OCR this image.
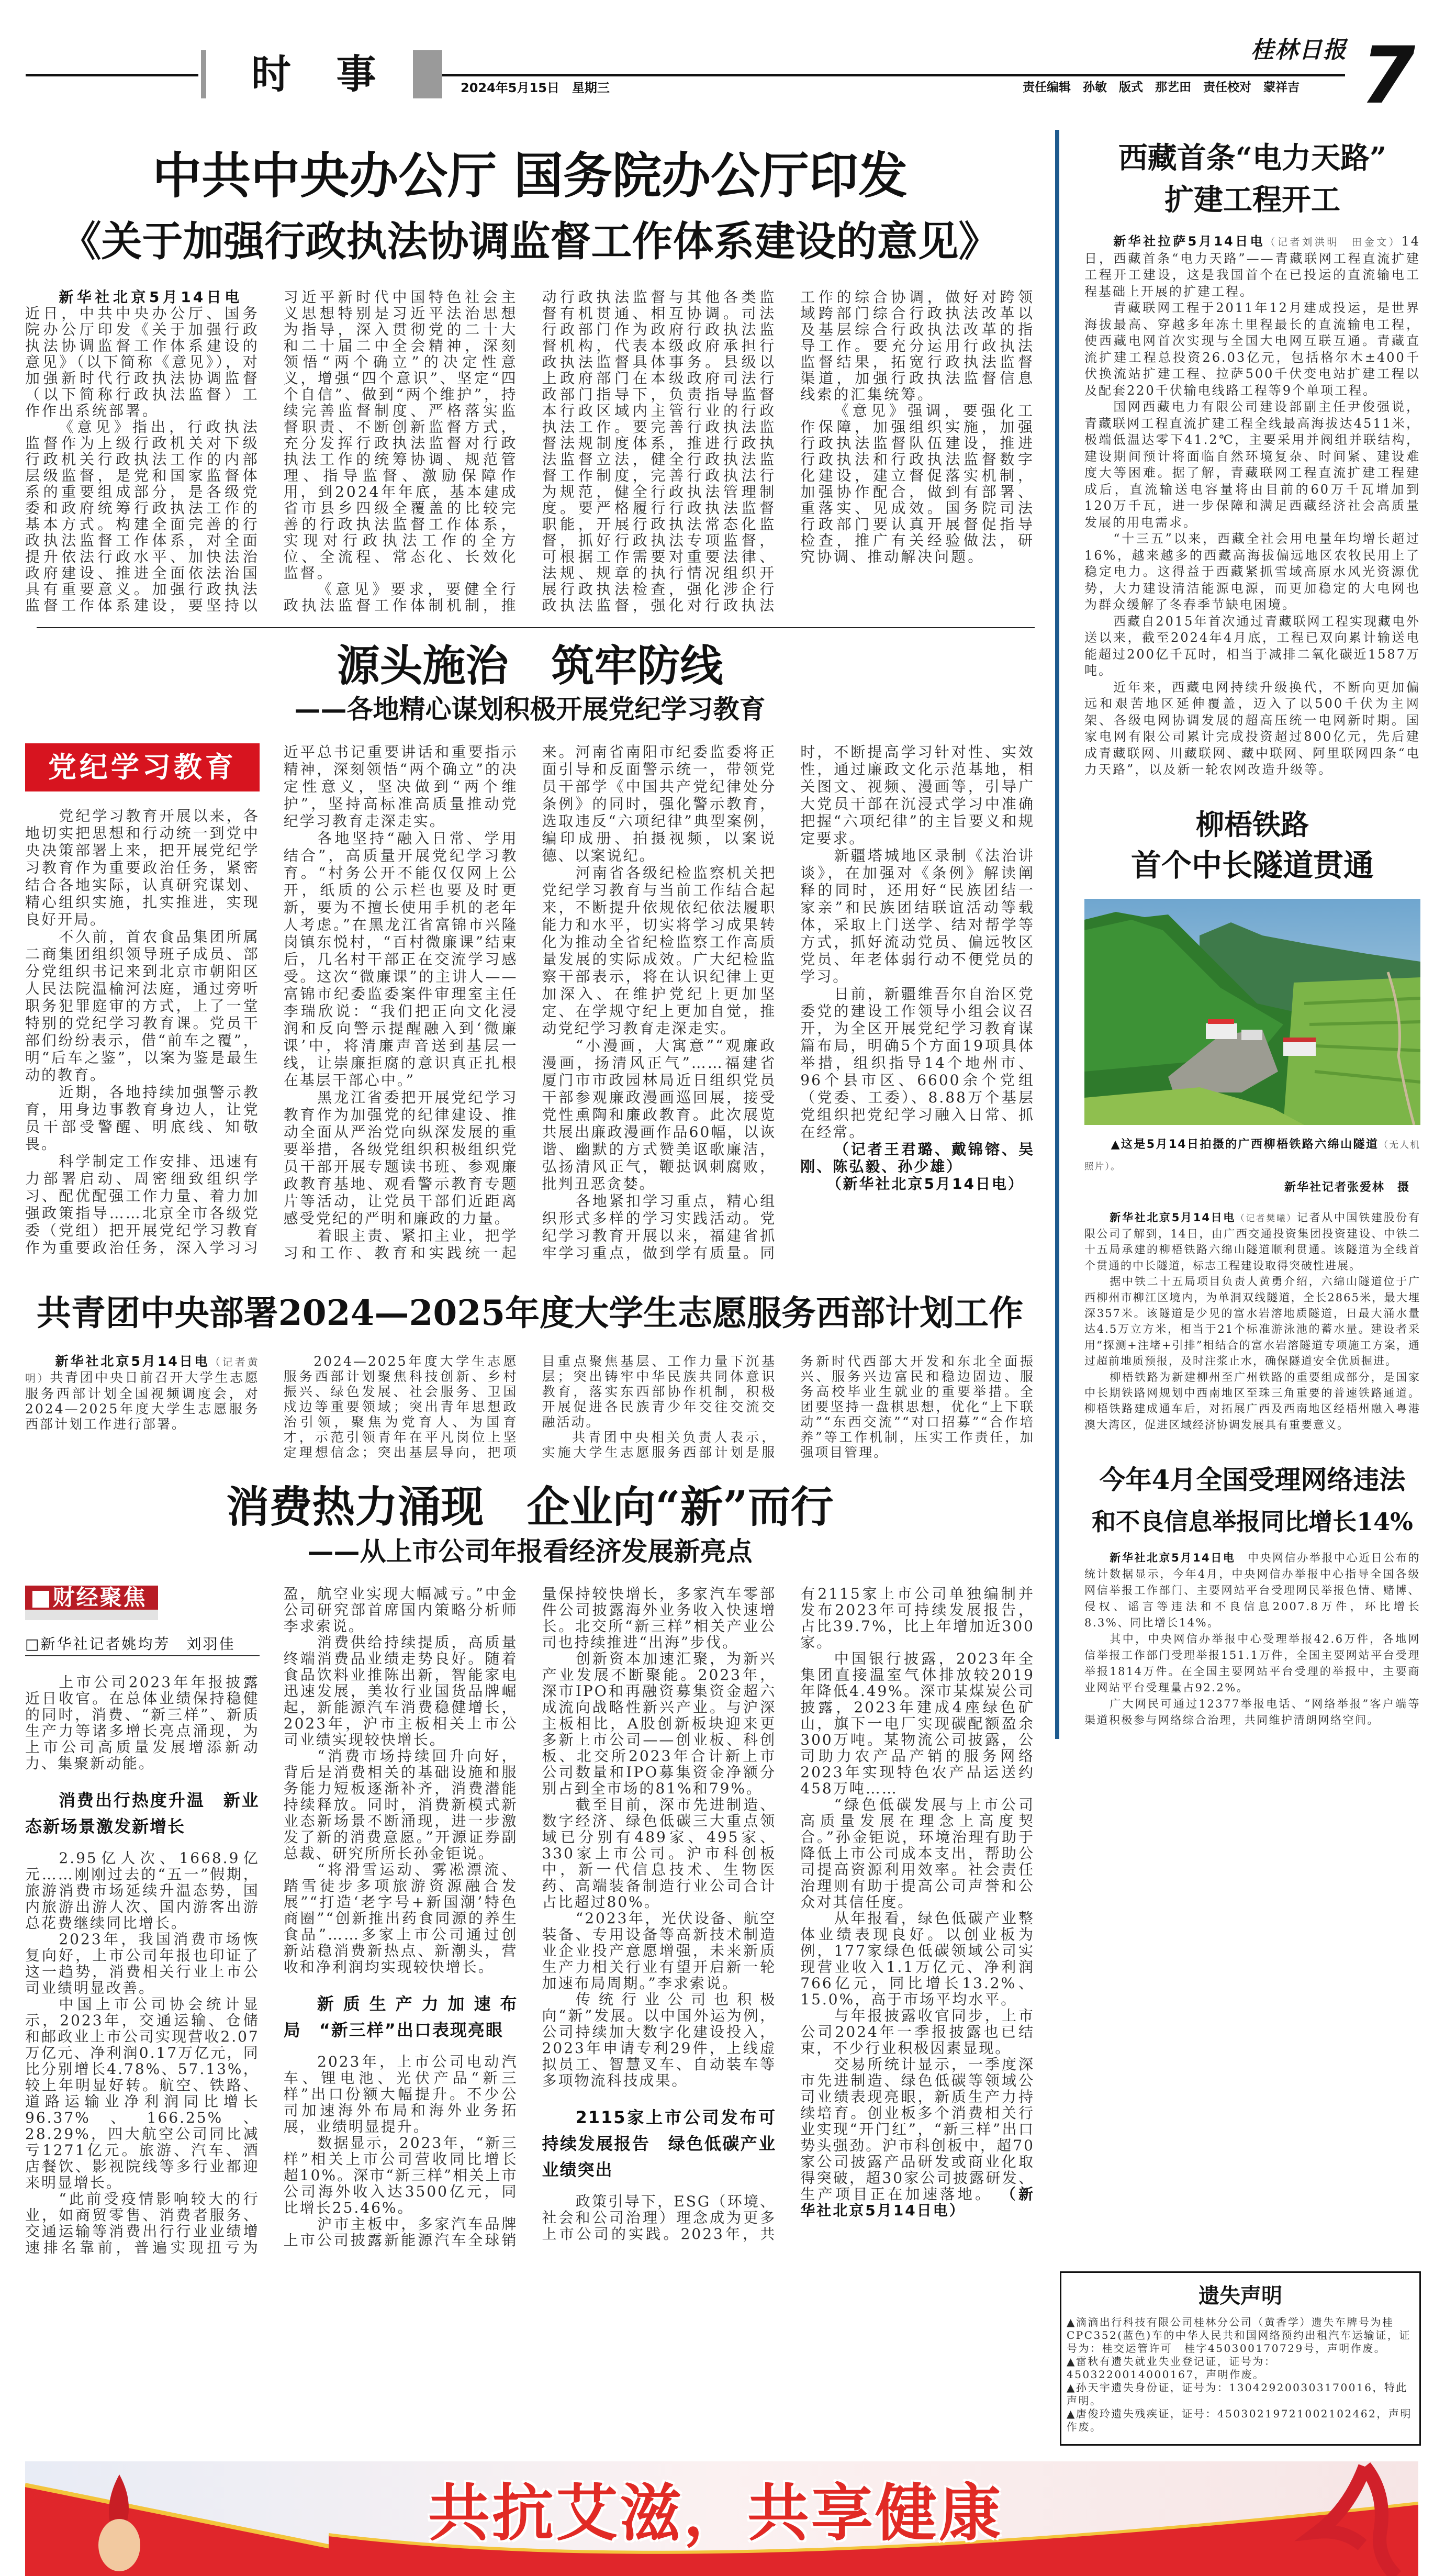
时 事	2024年5月15日　星期三
桂林日报
责任编辑　孙敏　版式　那艺田　责任校对　蒙祥吉 7
中共中央办公厅 国务院办公厅印发
《关于加强行政执法协调监督工作体系建设的意见》

新华社北京5月14日电　近日，中共中央办公厅、国务院办公厅印发《关于加强行政执法协调监督工作体系建设的意见》（以下简称《意见》），对加强新时代行政执法协调监督（以下简称行政执法监督）工作作出系统部署。

《意见》指出，行政执法监督作为上级行政机关对下级行政机关行政执法工作的内部层级监督，是党和国家监督体系的重要组成部分，是各级党委和政府统筹行政执法工作的基本方式。构建全面完善的行政执法监督工作体系，对全面提升依法行政水平、加快法治政府建设、推进全面依法治国具有重要意义。加强行政执法监督工作体系建设，要坚持以习近平新时代中国特色社会主义思想特别是习近平法治思想为指导，深入贯彻党的二十大和二十届二中全会精神，深刻领悟“两个确立”的决定性意义，增强“四个意识”、坚定“四个自信”、做到“两个维护”，持续完善监督制度、严格落实监督职责、不断创新监督方式，充分发挥行政执法监督对行政执法工作的统筹协调、规范管理、指导监督、激励保障作用，到2024年年底，基本建成省市县乡四级全覆盖的比较完善的行政执法监督工作体系，实现对行政执法工作的全方位、全流程、常态化、长效化监督。

《意见》要求，要健全行政执法监督工作体制机制，推动行政执法监督与其他各类监督有机贯通、相互协调。司法行政部门作为政府行政执法监督机构，代表本级政府承担行政执法监督具体事务。县级以上政府部门在本级政府司法行政部门指导下，负责指导监督本行政区域内主管行业的行政执法工作。要完善行政执法监督法规制度体系，推进行政执法监督立法，健全行政执法监督工作制度，完善行政执法行为规范，健全行政执法管理制度。要严格履行行政执法监督职能，开展行政执法常态化监督，抓好行政执法专项监督，可根据工作需要对重要法律、法规、规章的执行情况组织开展行政执法检查，强化涉企行政执法监督，强化对行政执法工作的综合协调，做好对跨领域跨部门综合行政执法改革以及基层综合行政执法改革的指导工作。要充分运用行政执法监督结果，拓宽行政执法监督渠道，加强行政执法监督信息线索的汇集统筹。

《意见》强调，要强化工作保障，加强组织实施，加强行政执法监督队伍建设，推进行政执法和行政执法监督数字化建设，建立督促落实机制，加强协作配合，做到有部署、重落实、见成效。国务院司法行政部门要认真开展督促指导检查，推广有关经验做法，研究协调、推动解决问题。

源头施治　筑牢防线
——各地精心谋划积极开展党纪学习教育

党纪学习教育

党纪学习教育开展以来，各地切实把思想和行动统一到党中央决策部署上来，把开展党纪学习教育作为重要政治任务，紧密结合各地实际，认真研究谋划、精心组织实施，扎实推进，实现良好开局。

不久前，首农食品集团所属二商集团组织领导班子成员、部分党组织书记来到北京市朝阳区人民法院温榆河法庭，通过旁听职务犯罪庭审的方式，上了一堂特别的党纪学习教育课。党员干部们纷纷表示，借“前车之覆”，明“后车之鉴”，以案为鉴是最生动的教育。

近期，各地持续加强警示教育，用身边事教育身边人，让党员干部受警醒、明底线、知敬畏。

科学制定工作安排、迅速有力部署启动、周密细致组织学习、配优配强工作力量、着力加强政策指导……北京全市各级党委（党组）把开展党纪学习教育作为重要政治任务，深入学习习近平总书记重要讲话和重要指示精神，深刻领悟“两个确立”的决定性意义，坚决做到“两个维护”，坚持高标准高质量推动党纪学习教育走深走实。

各地坚持“融入日常、学用结合”，高质量开展党纪学习教育。“村务公开不能仅仅网上公开，纸质的公示栏也要及时更新，要为不擅长使用手机的老年人考虑。”在黑龙江省富锦市兴隆岗镇东悦村，“百村微廉课”结束后，几名村干部正在交流学习感受。这次“微廉课”的主讲人——富锦市纪委监委案件审理室主任李瑞欣说：“我们把正向文化浸润和反向警示提醒融入到‘微廉课’中，将清廉声音送到基层一线，让崇廉拒腐的意识真正扎根在基层干部心中。”

黑龙江省委把开展党纪学习教育作为加强党的纪律建设、推动全面从严治党向纵深发展的重要举措，各级党组织积极组织党员干部开展专题读书班、参观廉政教育基地、观看警示教育专题片等活动，让党员干部们近距离感受党纪的严明和廉政的力量。

着眼主责、紧扣主业，把学习和工作、教育和实践统一起来。河南省南阳市纪委监委将正面引导和反面警示统一，带领党员干部学《中国共产党纪律处分条例》的同时，强化警示教育，选取违反“六项纪律”典型案例，编印成册、拍摄视频，以案说德、以案说纪。

河南省各级纪检监察机关把党纪学习教育与当前工作结合起来，不断提升依规依纪依法履职能力和水平，切实将学习成果转化为推动全省纪检监察工作高质量发展的实际成效。广大纪检监察干部表示，将在认识纪律上更加深入、在维护党纪上更加坚定、在学规守纪上更加自觉，推动党纪学习教育走深走实。

“小漫画，大寓意”“观廉政漫画，扬清风正气”……福建省厦门市市政园林局近日组织党员干部参观廉政漫画巡回展，接受党性熏陶和廉政教育。此次展览共展出廉政漫画作品60幅，以诙谐、幽默的方式赞美讴歌廉洁，弘扬清风正气，鞭挞讽刺腐败，批判丑恶贪婪。

各地紧扣学习重点，精心组织形式多样的学习实践活动。党纪学习教育开展以来，福建省抓牢学习重点，做到学有质量。同时，不断提高学习针对性、实效性，通过廉政文化示范基地，相关图文、视频、漫画等，引导广大党员干部在沉浸式学习中准确把握“六项纪律”的主旨要义和规定要求。

新疆塔城地区录制《法治讲谈》，在加强对《条例》解读阐释的同时，还用好“民族团结一家亲”和民族团结联谊活动等载体，采取上门送学、结对帮学等方式，抓好流动党员、偏远牧区党员、年老体弱行动不便党员的学习。

日前，新疆维吾尔自治区党委党的建设工作领导小组会议召开，为全区开展党纪学习教育谋篇布局，明确5个方面19项具体举措，组织指导14个地州市、96个县市区、6600余个党组（党委、工委）、8.88万个基层党组织把党纪学习融入日常、抓在经常。

（记者王君璐、戴锦镕、吴刚、陈弘毅、孙少雄）

（新华社北京5月14日电）

共青团中央部署2024—2025年度大学生志愿服务西部计划工作

新华社北京5月14日电（记者黄明）共青团中央日前召开大学生志愿服务西部计划全国视频调度会，对2024—2025年度大学生志愿服务西部计划工作进行部署。

2024—2025年度大学生志愿服务西部计划聚焦科技创新、乡村振兴、绿色发展、社会服务、卫国戍边等重要领域；突出青年思想政治引领，聚焦为党育人、为国育才，示范引领青年在平凡岗位上坚定理想信念；突出基层导向，把项目重点聚焦基层、工作力量下沉基层；突出铸牢中华民族共同体意识教育，落实东西部协作机制，积极开展促进各民族青少年交往交流交融活动。

共青团中央相关负责人表示，实施大学生志愿服务西部计划是服务新时代西部大开发和东北全面振兴、服务兴边富民和稳边固边、服务高校毕业生就业的重要举措。全团要坚持一盘棋思想，优化“上下联动”“东西交流”“对口招募”“合作培养”等工作机制，压实工作责任，加强项目管理。

消费热力涌现　企业向“新”而行
——从上市公司年报看经济发展新亮点

■财经聚焦

□新华社记者姚均芳　刘羽佳

上市公司2023年年报披露近日收官。在总体业绩保持稳健的同时，消费、“新三样”、新质生产力等诸多增长亮点涌现，为上市公司高质量发展增添新动力、集聚新动能。

消费出行热度升温　新业态新场景激发新增长

2.95亿人次、1668.9亿元……刚刚过去的“五一”假期，旅游消费市场延续升温态势，国内旅游出游人次、国内游客出游总花费继续同比增长。

2023年，我国消费市场恢复向好，上市公司年报也印证了这一趋势，消费相关行业上市公司业绩明显改善。

中国上市公司协会统计显示，2023年，交通运输、仓储和邮政业上市公司实现营收2.07万亿元、净利润0.17万亿元，同比分别增长4.78%、57.13%，较上年明显好转。航空、铁路、道路运输业净利润同比增长96.37%、166.25%、28.29%，四大航空公司同比减亏1271亿元。旅游、汽车、酒店餐饮、影视院线等多行业都迎来明显增长。

“此前受疫情影响较大的行业，如商贸零售、消费者服务、交通运输等消费出行行业业绩增速排名靠前，普遍实现扭亏为盈，航空业实现大幅减亏。”中金公司研究部首席国内策略分析师李求索说。

消费供给持续提质，高质量终端消费品业绩走势良好。随着食品饮料业推陈出新，智能家电迅速发展，美妆行业国货品牌崛起，新能源汽车消费稳健增长，2023年，沪市主板相关上市公司业绩实现较快增长。

“消费市场持续回升向好，背后是消费相关的基础设施和服务能力短板逐渐补齐，消费潜能持续释放。同时，消费新模式新业态新场景不断涌现，进一步激发了新的消费意愿。”开源证券副总裁、研究所所长孙金钜说。

“将滑雪运动、雾凇漂流、踏雪徒步多项旅游资源融合发展”“打造‘老字号+新国潮’特色商圈”“创新推出药食同源的养生食品”……多家上市公司通过创新站稳消费新热点、新潮头，营收和净利润均实现较快增长。

新质生产力加速布局　“新三样”出口表现亮眼

2023年，上市公司电动汽车、锂电池、光伏产品“新三样”出口份额大幅提升。不少公司加速海外布局和海外业务拓展，业绩明显提升。

数据显示，2023年，“新三样”相关上市公司营收同比增长超10%。深市“新三样”相关上市公司海外收入达3500亿元，同比增长25.46%。

沪市主板中，多家汽车品牌上市公司披露新能源汽车全球销量保持较快增长，多家汽车零部件公司披露海外业务收入快速增长。北交所“新三样”相关产业公司也持续推进“出海”步伐。

创新资本加速汇聚，为新兴产业发展不断聚能。2023年，深市IPO和再融资募集资金超六成流向战略性新兴产业。与沪深主板相比，A股创新板块迎来更多新上市公司——创业板、科创板、北交所2023年合计新上市公司数量和IPO募集资金净额分别占到全市场的81%和79%。

截至目前，深市先进制造、数字经济、绿色低碳三大重点领域已分别有489家、495家、330家上市公司。沪市科创板中，新一代信息技术、生物医药、高端装备制造行业公司合计占比超过80%。

“2023年，光伏设备、航空装备、专用设备等高新技术制造业企业投产意愿增强，未来新质生产力相关行业有望开启新一轮加速布局周期。”李求索说。

传统行业公司也积极向“新”发展。以中国外运为例，公司持续加大数字化建设投入，2023年申请专利29件，上线虚拟员工、智慧叉车、自动装车等多项物流科技成果。

2115家上市公司发布可持续发展报告　绿色低碳产业业绩突出

政策引导下，ESG（环境、社会和公司治理）理念成为更多上市公司的实践。2023年，共有2115家上市公司单独编制并发布2023年可持续发展报告，占比39.7%，比上年增加近300家。

中国银行披露，2023年全集团直接温室气体排放较2019年降低4.49%。深市某煤炭公司披露，2023年建成4座绿色矿山，旗下一电厂实现碳配额盈余300万吨。某物流公司披露，公司助力农产品产销的服务网络2023年实现特色农产品运送约458万吨……

“绿色低碳发展与上市公司高质量发展在理念上高度契合。”孙金钜说，环境治理有助于降低上市公司成本支出，帮助公司提高资源利用效率。社会责任治理则有助于提高公司声誉和公众对其信任度。

从年报看，绿色低碳产业整体业绩表现良好。以创业板为例，177家绿色低碳领域公司实现营业收入1.1万亿元、净利润766亿元，同比增长13.2%、15.0%，高于市场平均水平。

与年报披露收官同步，上市公司2024年一季报披露也已结束，不少行业积极因素显现。

交易所统计显示，一季度深市先进制造、绿色低碳等领域公司业绩表现亮眼，新质生产力持续培育。创业板多个消费相关行业实现“开门红”，“新三样”出口势头强劲。沪市科创板中，超70家公司披露产品研发或商业化取得突破，超30家公司披露研发、生产项目正在加速落地。 （新华社北京5月14日电）

西藏首条“电力天路”
扩建工程开工

新华社拉萨5月14日电（记者刘洪明　田金文）14日，西藏首条“电力天路”——青藏联网工程直流扩建工程开工建设，这是我国首个在已投运的直流输电工程基础上开展的扩建工程。

青藏联网工程于2011年12月建成投运，是世界海拔最高、穿越多年冻土里程最长的直流输电工程，使西藏电网首次实现与全国大电网互联互通。青藏直流扩建工程总投资26.03亿元，包括格尔木±400千伏换流站扩建工程、拉萨500千伏变电站扩建工程以及配套220千伏输电线路工程等9个单项工程。

国网西藏电力有限公司建设部副主任尹俊强说，青藏联网工程直流扩建工程全线最高海拔达4511米，极端低温达零下41.2℃，主要采用并阀组并联结构，建设期间预计将面临自然环境复杂、时间紧、建设难度大等困难。据了解，青藏联网工程直流扩建工程建成后，直流输送电容量将由目前的60万千瓦增加到120万千瓦，进一步保障和满足西藏经济社会高质量发展的用电需求。

“十三五”以来，西藏全社会用电量年均增长超过16%，越来越多的西藏高海拔偏远地区农牧民用上了稳定电力。这得益于西藏紧抓雪域高原水风光资源优势，大力建设清洁能源电源，而更加稳定的大电网也为群众缓解了冬春季节缺电困境。

西藏自2015年首次通过青藏联网工程实现藏电外送以来，截至2024年4月底，工程已双向累计输送电能超过200亿千瓦时，相当于减排二氧化碳近1587万吨。

近年来，西藏电网持续升级换代，不断向更加偏远和艰苦地区延伸覆盖，迈入了以500千伏为主网架、各级电网协调发展的超高压统一电网新时期。国家电网有限公司累计完成投资超过800亿元，先后建成青藏联网、川藏联网、藏中联网、阿里联网四条“电力天路”，以及新一轮农网改造升级等。

柳梧铁路
首个中长隧道贯通

▲这是5月14日拍摄的广西柳梧铁路六绵山隧道（无人机照片）。

新华社记者张爱林　摄

新华社北京5月14日电（记者樊曦）记者从中国铁建股份有限公司了解到，14日，由广西交通投资集团投资建设、中铁二十五局承建的柳梧铁路六绵山隧道顺利贯通。该隧道为全线首个贯通的中长隧道，标志工程建设取得突破性进展。

据中铁二十五局项目负责人黄勇介绍，六绵山隧道位于广西柳州市柳江区境内，为单洞双线隧道，全长2865米，最大埋深357米。该隧道是少见的富水岩溶地质隧道，日最大涌水量达4.5万立方米，相当于21个标准游泳池的蓄水量。建设者采用“探测+注堵+引排”相结合的富水岩溶隧道专项施工方案，通过超前地质预报，及时注浆止水，确保隧道安全优质掘进。

柳梧铁路为新建柳州至广州铁路的重要组成部分，是国家中长期铁路网规划中西南地区至珠三角重要的普速铁路通道。柳梧铁路建成通车后，对拓展广西及西南地区经梧州融入粤港澳大湾区，促进区域经济协调发展具有重要意义。

今年4月全国受理网络违法
和不良信息举报同比增长14%

新华社北京5月14日电　中央网信办举报中心近日公布的统计数据显示，今年4月，中央网信办举报中心指导全国各级网信举报工作部门、主要网站平台受理网民举报色情、赌博、侵权、谣言等违法和不良信息2007.8万件，环比增长8.3%、同比增长14%。

其中，中央网信办举报中心受理举报42.6万件，各地网信举报工作部门受理举报151.1万件，全国主要网站平台受理举报1814万件。在全国主要网站平台受理的举报中，主要商业网站平台受理量占92.2%。

广大网民可通过12377举报电话、“网络举报”客户端等渠道积极参与网络综合治理，共同维护清朗网络空间。

遗失声明

▲滴滴出行科技有限公司桂林分公司（黄香学）遗失车牌号为桂CPC352(蓝色)车的中华人民共和国网络预约出租汽车运输证，证号为：桂交运管许可　桂字450300170729号，声明作废。

▲雷秋有遗失就业失业登记证，证号为：4503220014000167，声明作废。

▲孙天宇遗失身份证，证号为：130429200303170016，特此声明。

▲唐俊玲遗失残疾证，证号：450302197210021024​62，声明作废。

共抗艾滋，共享健康
